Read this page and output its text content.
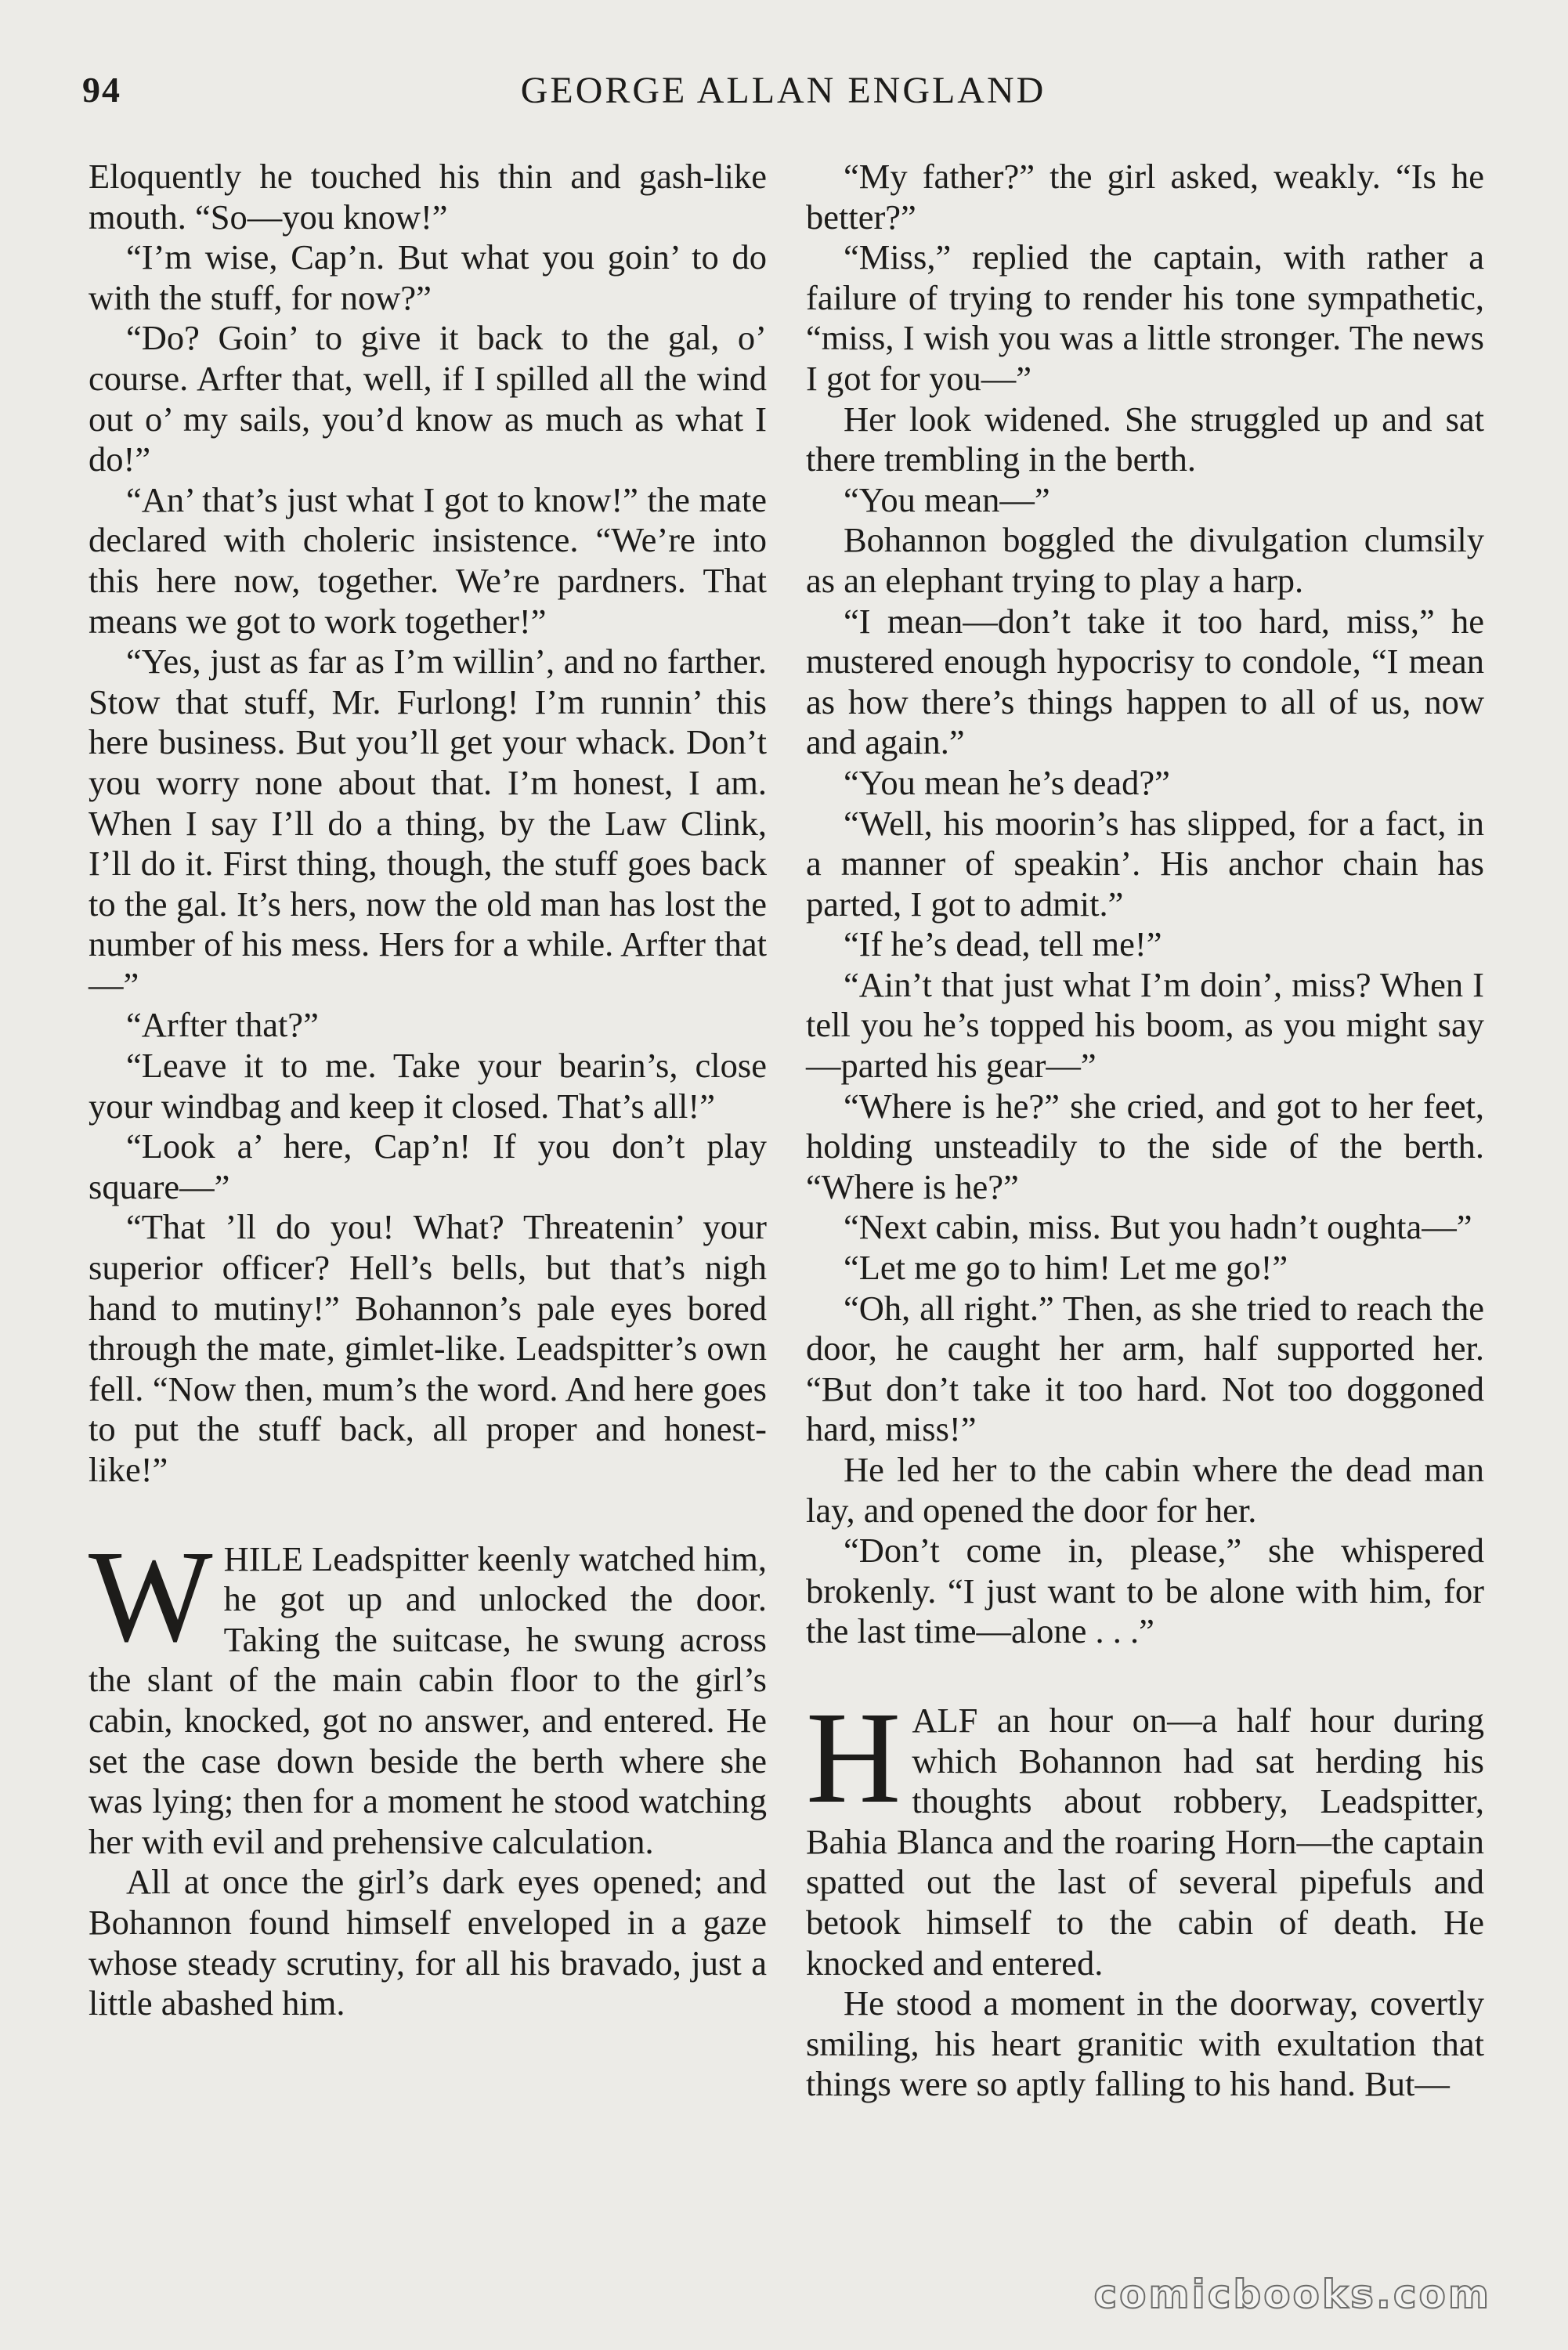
94	GEORGE ALLAN ENGLAND

Eloquently he touched his thin and gash-like mouth. “So—you know!”

“I’m wise, Cap’n. But what you goin’ to do with the stuff, for now?”

“Do? Goin’ to give it back to the gal, o’ course. Arfter that, well, if I spilled all the wind out o’ my sails, you’d know as much as what I do!”

“An’ that’s just what I got to know!” the mate declared with choleric insistence. “We’re into this here now, together. We’re pardners. That means we got to work together!”

“Yes, just as far as I’m willin’, and no farther. Stow that stuff, Mr. Furlong! I’m runnin’ this here business. But you’ll get your whack. Don’t you worry none about that. I’m honest, I am. When I say I’ll do a thing, by the Law Clink, I’ll do it. First thing, though, the stuff goes back to the gal. It’s hers, now the old man has lost the number of his mess. Hers for a while. Arfter that—”

“Arfter that?”

“Leave it to me. Take your bearin’s, close your windbag and keep it closed. That’s all!”

“Look a’ here, Cap’n! If you don’t play square—”

“That ’ll do you! What? Threatenin’ your superior officer? Hell’s bells, but that’s nigh hand to mutiny!” Bohannon’s pale eyes bored through the mate, gimlet-like. Leadspitter’s own fell. “Now then, mum’s the word. And here goes to put the stuff back, all proper and honest-like!”

WHILE Leadspitter keenly watched him, he got up and unlocked the door. Taking the suitcase, he swung across the slant of the main cabin floor to the girl’s cabin, knocked, got no answer, and entered. He set the case down beside the berth where she was lying; then for a moment he stood watching her with evil and prehensive calculation.

All at once the girl’s dark eyes opened; and Bohannon found himself enveloped in a gaze whose steady scrutiny, for all his bravado, just a little abashed him.

“My father?” the girl asked, weakly. “Is he better?”

“Miss,” replied the captain, with rather a failure of trying to render his tone sympathetic, “miss, I wish you was a little stronger. The news I got for you—”

Her look widened. She struggled up and sat there trembling in the berth.

“You mean—”

Bohannon boggled the divulgation clumsily as an elephant trying to play a harp.

“I mean—don’t take it too hard, miss,” he mustered enough hypocrisy to condole, “I mean as how there’s things happen to all of us, now and again.”

“You mean he’s dead?”

“Well, his moorin’s has slipped, for a fact, in a manner of speakin’. His anchor chain has parted, I got to admit.”

“If he’s dead, tell me!”

“Ain’t that just what I’m doin’, miss? When I tell you he’s topped his boom, as you might say—parted his gear—”

“Where is he?” she cried, and got to her feet, holding unsteadily to the side of the berth. “Where is he?”

“Next cabin, miss. But you hadn’t oughta—”

“Let me go to him! Let me go!”

“Oh, all right.” Then, as she tried to reach the door, he caught her arm, half supported her. “But don’t take it too hard. Not too doggoned hard, miss!”

He led her to the cabin where the dead man lay, and opened the door for her.

“Don’t come in, please,” she whispered brokenly. “I just want to be alone with him, for the last time—alone . . .”

HALF an hour on—a half hour during which Bohannon had sat herding his thoughts about robbery, Leadspitter, Bahia Blanca and the roaring Horn—the captain spatted out the last of several pipefuls and betook himself to the cabin of death. He knocked and entered.

He stood a moment in the doorway, covertly smiling, his heart granitic with exultation that things were so aptly falling to his hand. But—

comicbooks.com
